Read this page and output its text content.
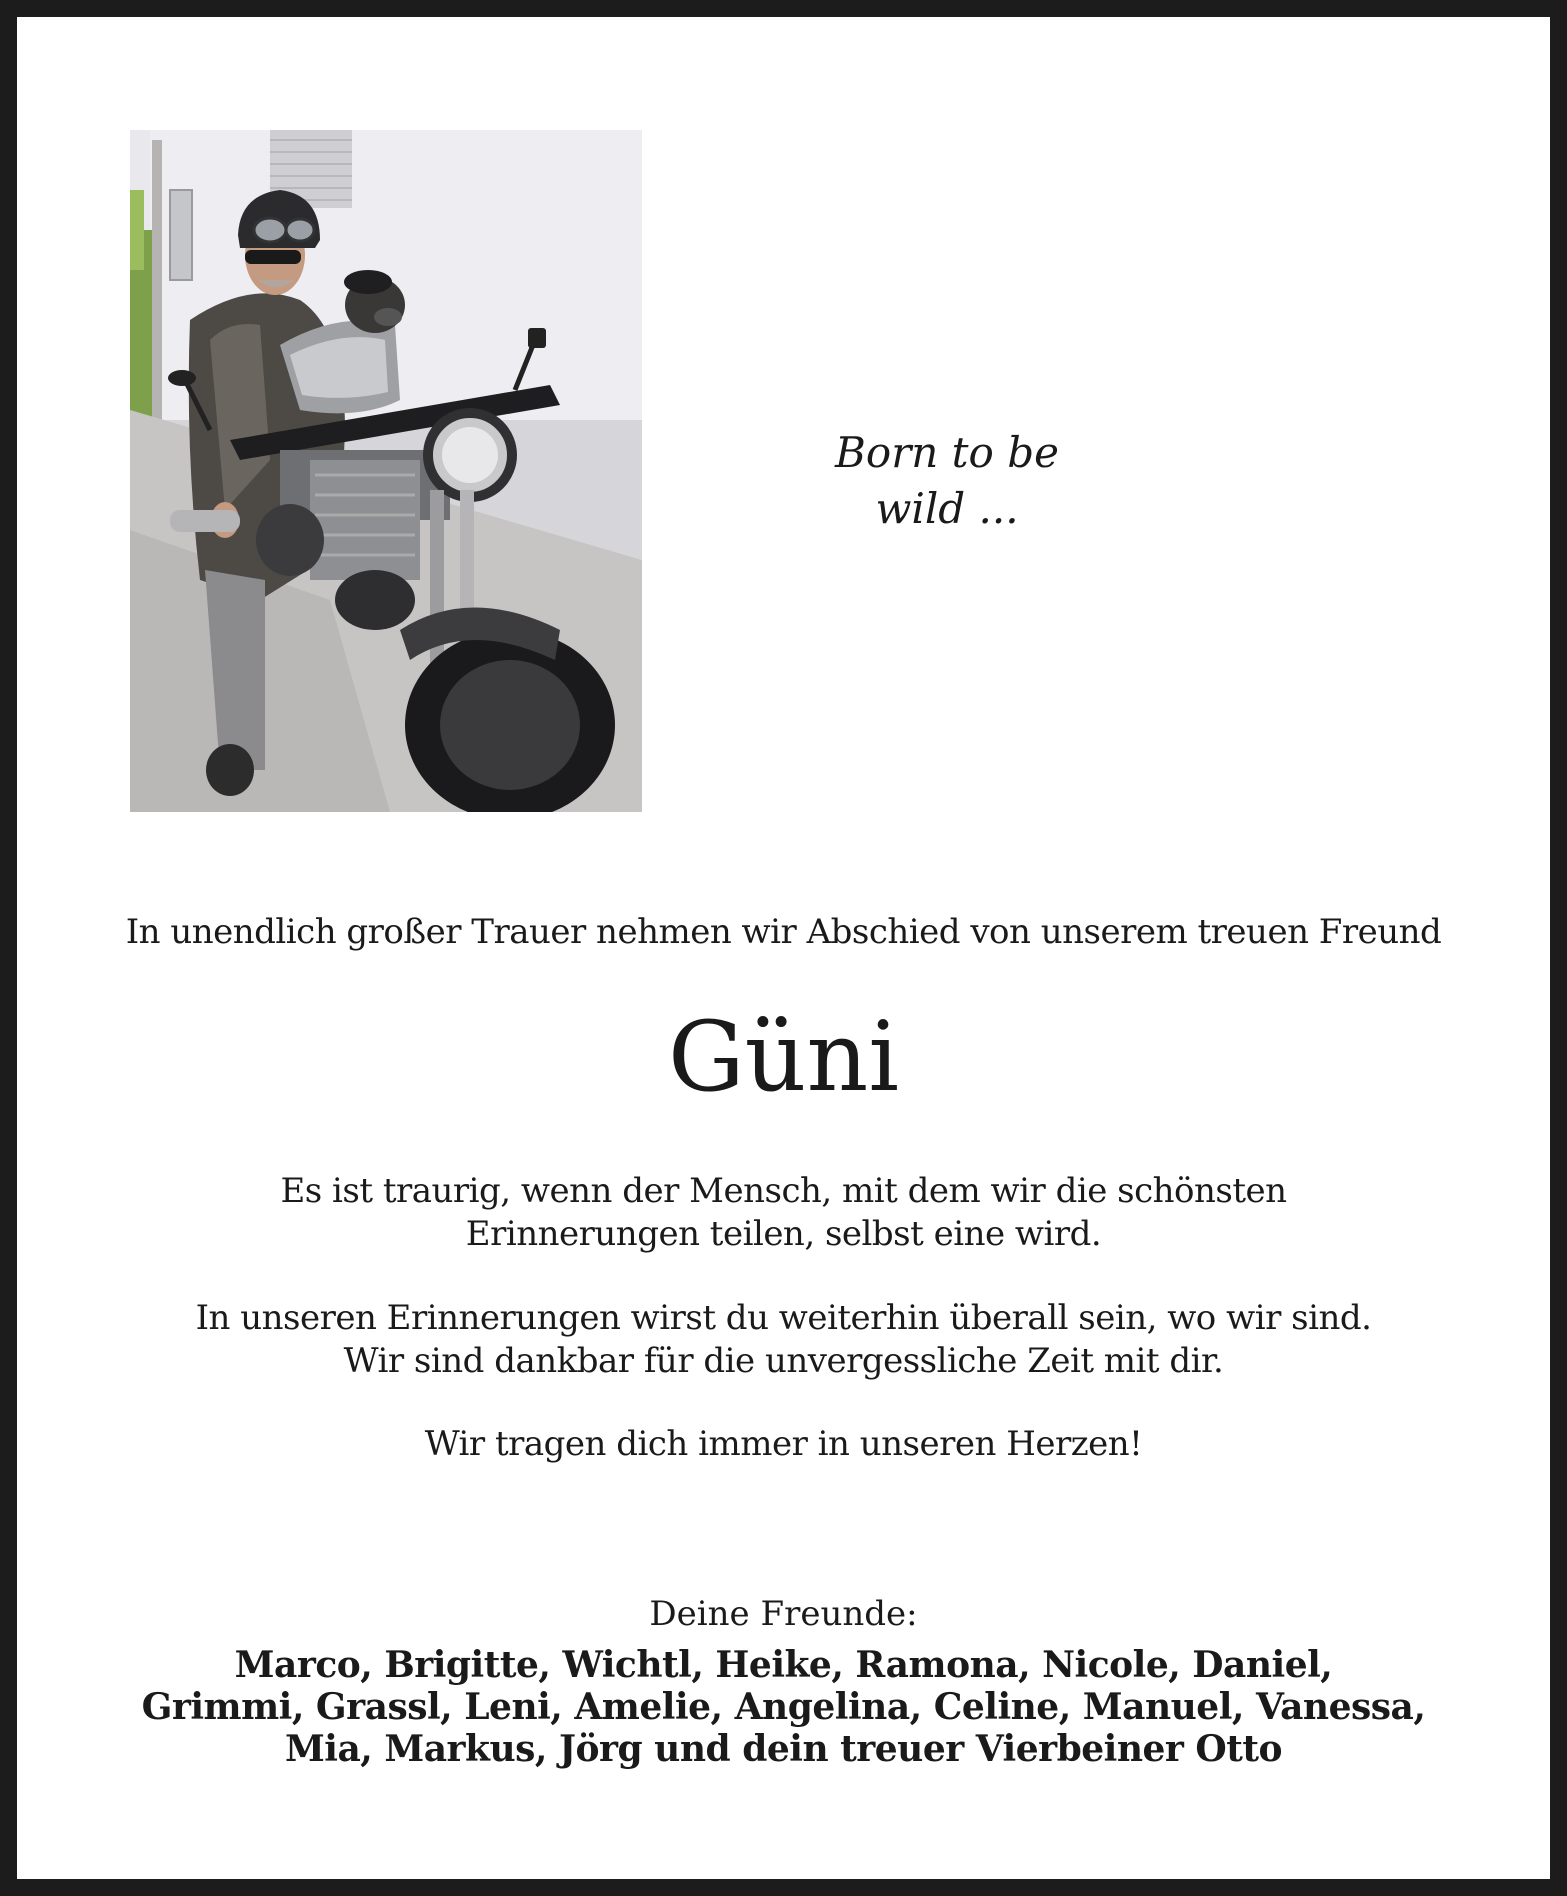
Born to be
wild ...
In unendlich großer Trauer nehmen wir Abschied von unserem treuen Freund
Güni
Es ist traurig, wenn der Mensch, mit dem wir die schönsten
Erinnerungen teilen, selbst eine wird.
In unseren Erinnerungen wirst du weiterhin überall sein, wo wir sind.
Wir sind dankbar für die unvergessliche Zeit mit dir.
Wir tragen dich immer in unseren Herzen!
Deine Freunde:
Marco, Brigitte, Wichtl, Heike, Ramona, Nicole, Daniel,
Grimmi, Grassl, Leni, Amelie, Angelina, Celine, Manuel, Vanessa,
Mia, Markus, Jörg und dein treuer Vierbeiner Otto
